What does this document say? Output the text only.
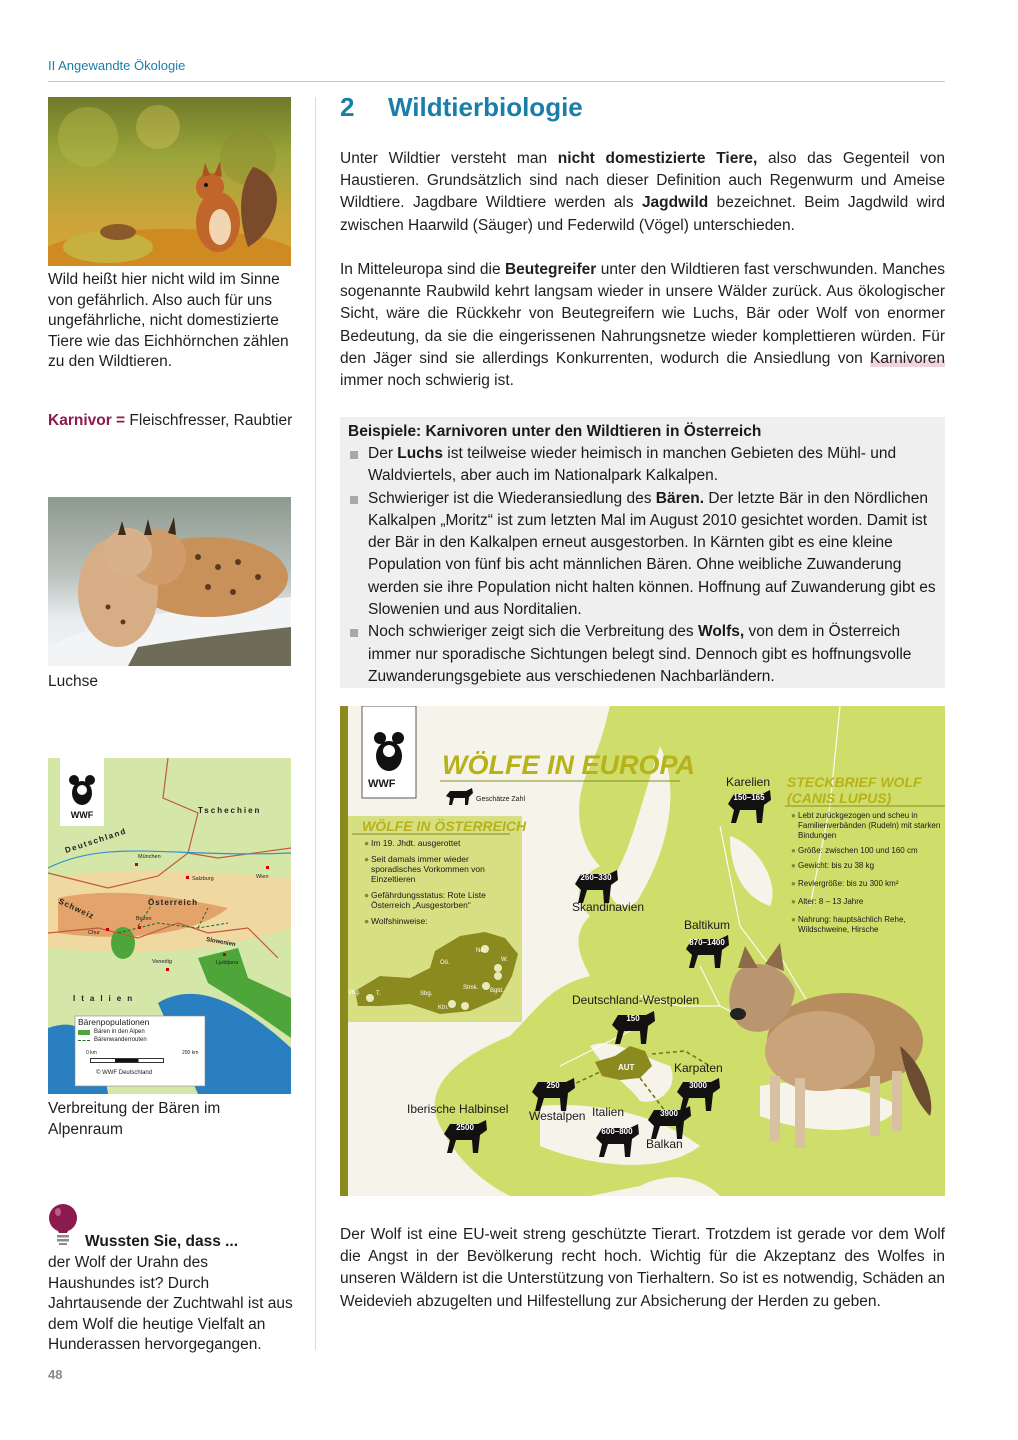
II Angewandte Ökologie
Wild heißt hier nicht wild im Sinne von gefährlich. Also auch für uns ungefährliche, nicht domestizierte Tiere wie das Eichhörnchen zählen zu den Wildtieren.
Karnivor = Fleischfresser, Raubtier
Luchse
WWF	Tschechien
Deutschland
Österreich
Schweiz
Italien
Slowenien
München
Salzburg	Wien
Bozen
Chur
Venedig	Ljubljana
Bärenpopulationen
Bären in den Alpen
Bärenwanderrouten
0 km	200 km
© WWF Deutschland
Verbreitung der Bären im Alpenraum
Wussten Sie, dass ...
der Wolf der Urahn des Haushundes ist? Durch Jahrtausende der Zuchtwahl ist aus dem Wolf die heutige Vielfalt an Hunderassen hervorgegangen.
48
2 Wildtierbiologie
Unter Wildtier versteht man nicht domestizierte Tiere, also das Gegenteil von Haustieren. Grundsätzlich sind nach dieser Definition auch Regenwurm und Ameise Wildtiere. Jagdbare Wildtiere werden als Jagdwild bezeichnet. Beim Jagdwild wird zwischen Haarwild (Säuger) und Federwild (Vögel) unterschieden.
In Mitteleuropa sind die Beutegreifer unter den Wildtieren fast verschwunden. Manches sogenannte Raubwild kehrt langsam wieder in unsere Wälder zurück. Aus ökologischer Sicht, wäre die Rückkehr von Beutegreifern wie Luchs, Bär oder Wolf von enormer Bedeutung, da sie die eingerissenen Nahrungsnetze wieder komplettieren würden. Für den Jäger sind sie allerdings Konkurrenten, wodurch die Ansiedlung von Karnivoren immer noch schwierig ist.
Beispiele: Karnivoren unter den Wildtieren in Österreich
Der Luchs ist teilweise wieder heimisch in manchen Gebieten des Mühl- und Waldviertels, aber auch im Nationalpark Kalkalpen.
Schwieriger ist die Wiederansiedlung des Bären. Der letzte Bär in den Nördlichen Kalkalpen „Moritz“ ist zum letzten Mal im August 2010 gesichtet worden. Damit ist der Bär in den Kalkalpen erneut ausgestorben. In Kärnten gibt es eine kleine Population von fünf bis acht männlichen Bären. Ohne weibliche Zuwanderung werden sie ihre Population nicht halten können. Hoffnung auf Zuwanderung gibt es Slowenien und aus Norditalien.
Noch schwieriger zeigt sich die Verbreitung des Wolfs, von dem in Österreich immer nur sporadische Sichtungen belegt sind. Dennoch gibt es hoffnungsvolle Zuwanderungsgebiete aus verschiedenen Nachbarländern.
WWF
WÖLFE IN EUROPA
Geschätze Zahl
WÖLFE IN ÖSTERREICH
● Im 19. Jhdt. ausgerottet
● Seit damals immer wieder sporadisches Vorkommen von Einzeltieren
● Gefährdungsstatus: Rote Liste Österreich „Ausgestorben“
● Wolfshinweise:
Vbg.	T.	Sbg.
Oö.
Nö.
W.
Stmk. Bgld.
Ktn.
STECKBRIEF WOLF
(CANIS LUPUS)
● Lebt zurückgezogen und scheu in Familienverbänden (Rudeln) mit starken Bindungen
● Größe: zwischen 100 und 160 cm
● Gewicht: bis zu 38 kg
● Reviergröße: bis zu 300 km²
● Alter: 8 – 13 Jahre
● Nahrung: hauptsächlich Rehe, Wildschweine, Hirsche
Karelien
Skandinavien
Baltikum
Deutschland-Westpolen
Karpaten
Westalpen
Iberische Halbinsel	Italien
Balkan
AUT
150–165
260–330
870–1400
150
3000
250
2500	600–800
3900
Der Wolf ist eine EU-weit streng geschützte Tierart. Trotzdem ist gerade vor dem Wolf die Angst in der Bevölkerung recht hoch. Wichtig für die Akzeptanz des Wolfes in unseren Wäldern ist die Unterstützung von Tierhaltern. So ist es notwendig, Schäden an Weidevieh abzugelten und Hilfestellung zur Absicherung der Herden zu geben.
